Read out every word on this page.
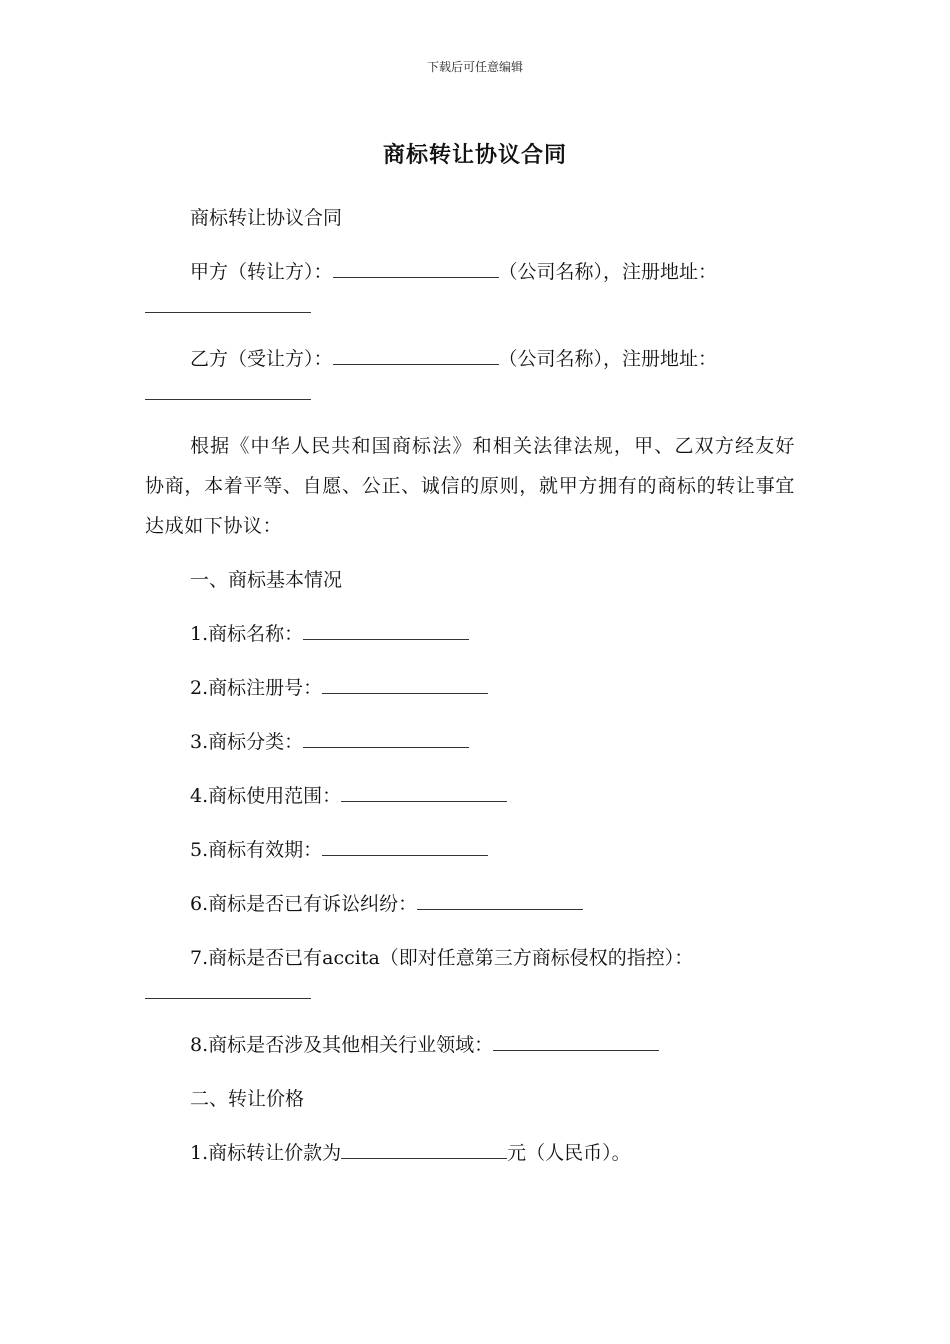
下载后可任意编辑
商标转让协议合同

商标转让协议合同

甲方（转让方）：	（公司名称），注册地址：
乙方（受让方）：	（公司名称），注册地址：

根据《中华人民共和国商标法》和相关法律法规，甲、乙双方经友好协商，本着平等、自愿、公正、诚信的原则，就甲方拥有的商标的转让事宜达成如下协议：

一、商标基本情况

1.商标名称：

2.商标注册号：

3.商标分类：

4.商标使用范围：

5.商标有效期：

6.商标是否已有诉讼纠纷：

7.商标是否已有accita（即对任意第三方商标侵权的指控）：

8.商标是否涉及其他相关行业领域：

二、转让价格

1.商标转让价款为	元（人民币）。
